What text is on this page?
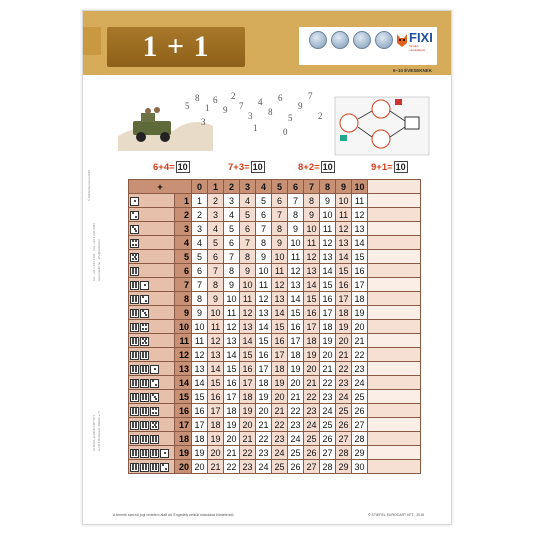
1 + 1	FIXI
Tanulói munkalapok
6–10 ÉVESEKNEK
© Stiefel Eurocart 2015
Tel.: +36 1 246-4100 · Fax: +36 1 246-5386 www.stiefel.hu · info@stiefel.hu
STIEFEL EUROCART KFT. H-1118 Budapest, Rétköz u. 5.
5
8
1
6
9
2
7
3
4
8
6
5
9
7
2
3
1	0
6+4= 10	7+3= 10	8+2= 10	9+1= 10
+		0	1	2	3	4	5	6	7	8	9	10	

	1	1	2	3	4	5	6	7	8	9	10	11	

	2	2	3	4	5	6	7	8	9	10	11	12	

	3	3	4	5	6	7	8	9	10	11	12	13	

	4	4	5	6	7	8	9	10	11	12	13	14	

	5	5	6	7	8	9	10	11	12	13	14	15	

	6	6	7	8	9	10	11	12	13	14	15	16	

	7	7	8	9	10	11	12	13	14	15	16	17	

	8	8	9	10	11	12	13	14	15	16	17	18	

	9	9	10	11	12	13	14	15	16	17	18	19	

	10	10	11	12	13	14	15	16	17	18	19	20	

	11	11	12	13	14	15	16	17	18	19	20	21	

	12	12	13	14	15	16	17	18	19	20	21	22	

	13	13	14	15	16	17	18	19	20	21	22	23	

	14	14	15	16	17	18	19	20	21	22	23	24	

	15	15	16	17	18	19	20	21	22	23	24	25	

	16	16	17	18	19	20	21	22	23	24	25	26	

	17	17	18	19	20	21	22	23	24	25	26	27	

	18	18	19	20	21	22	23	24	25	26	27	28	

	19	19	20	21	22	23	24	25	26	27	28	29	

	20	20	21	22	23	24	25	26	27	28	29	30	
A termék szerzői jogi védelem alatt áll. Engedély nélküli másolása büntetendő.	© STIEFEL EUROCART KFT., 2015
